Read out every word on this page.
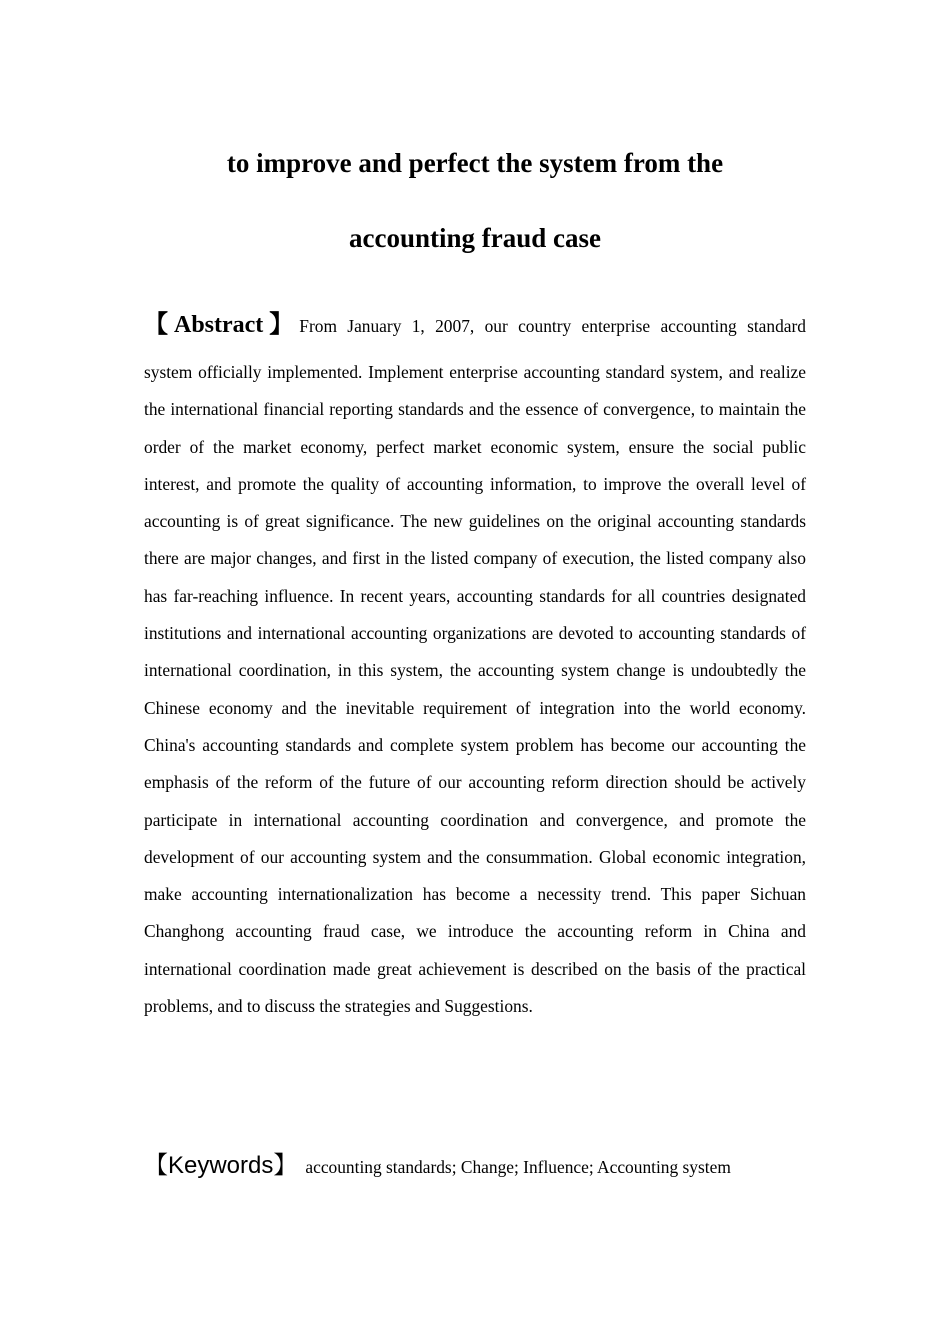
to improve and perfect the system from the
accounting fraud case
【Abstract】From January 1, 2007, our country enterprise accounting standard
system officially implemented. Implement enterprise accounting standard system, and realize the international financial reporting standards and the essence of convergence, to maintain the order of the market economy, perfect market economic system, ensure the social public interest, and promote the quality of accounting information, to improve the overall level of accounting is of great significance. The new guidelines on the original accounting standards there are major changes, and first in the listed company of execution, the listed company also has far-reaching influence. In recent years, accounting standards for all countries designated institutions and international accounting organizations are devoted to accounting standards of international coordination, in this system, the accounting system change is undoubtedly the Chinese economy and the inevitable requirement of integration into the world economy. China's accounting standards and complete system problem has become our accounting the emphasis of the reform of the future of our accounting reform direction should be actively participate in international accounting coordination and convergence, and promote the development of our accounting system and the consummation. Global economic integration, make accounting internationalization has become a necessity trend. This paper Sichuan Changhong accounting fraud case, we introduce the accounting reform in China and international coordination made great achievement is described on the basis of the practical problems, and to discuss the strategies and Suggestions.
【Keywords】 accounting standards; Change; Influence; Accounting system
